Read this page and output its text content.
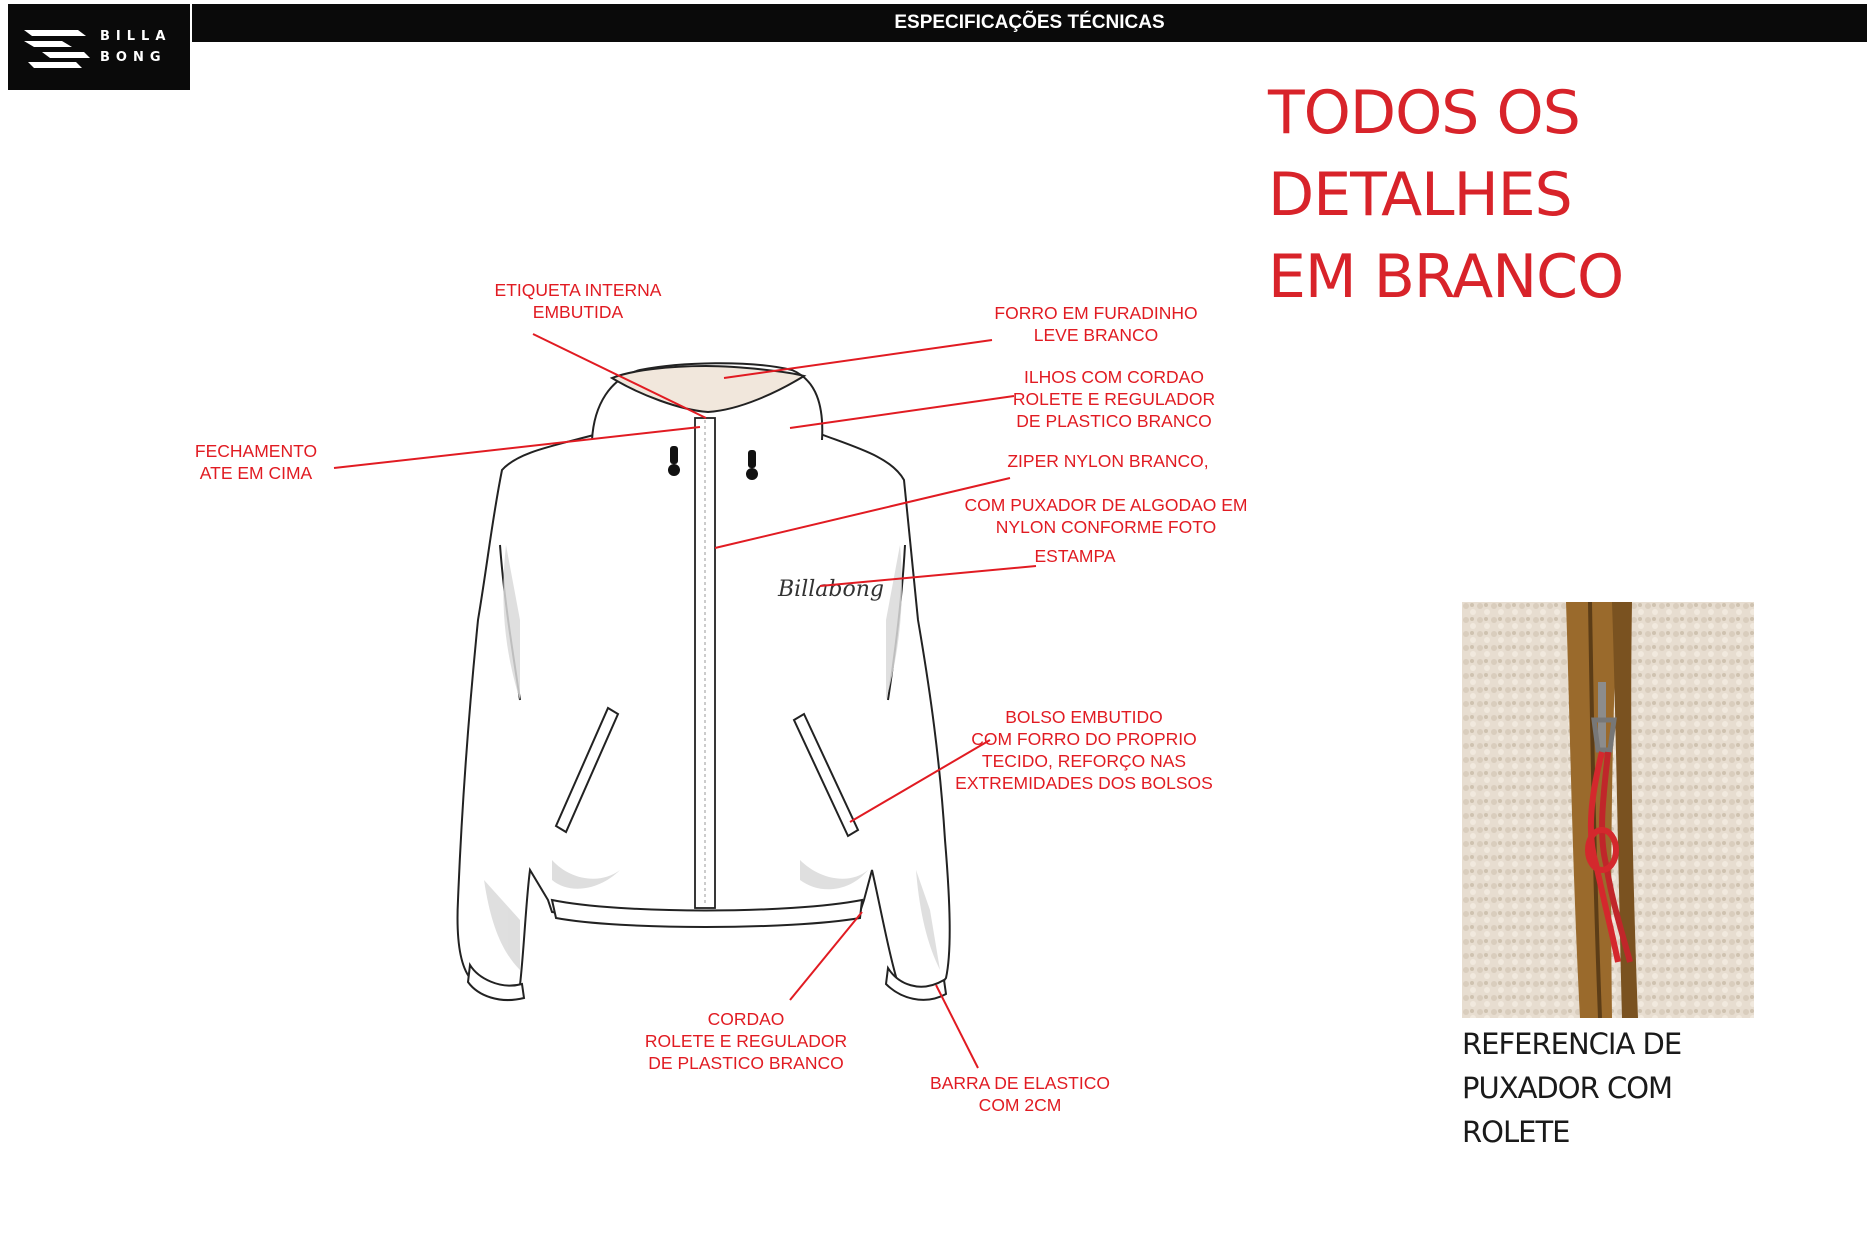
BILLA
BONG
ESPECIFICAÇÕES TÉCNICAS
TODOS OS DETALHES
EM BRANCO
Billabong
ETIQUETA INTERNA
EMBUTIDA	FORRO EM FURADINHO
LEVE BRANCO
ILHOS COM CORDAO
ROLETE E REGULADOR
DE PLASTICO BRANCO
FECHAMENTO
ATE EM CIMA
ZIPER NYLON BRANCO,
COM PUXADOR DE ALGODAO EM
NYLON CONFORME FOTO
ESTAMPA
BOLSO EMBUTIDO
COM FORRO DO PROPRIO
TECIDO, REFORÇO NAS
EXTREMIDADES DOS BOLSOS
CORDAO
ROLETE E REGULADOR
DE PLASTICO BRANCO
BARRA DE ELASTICO
COM 2CM
REFERENCIA DE
PUXADOR COM
ROLETE
